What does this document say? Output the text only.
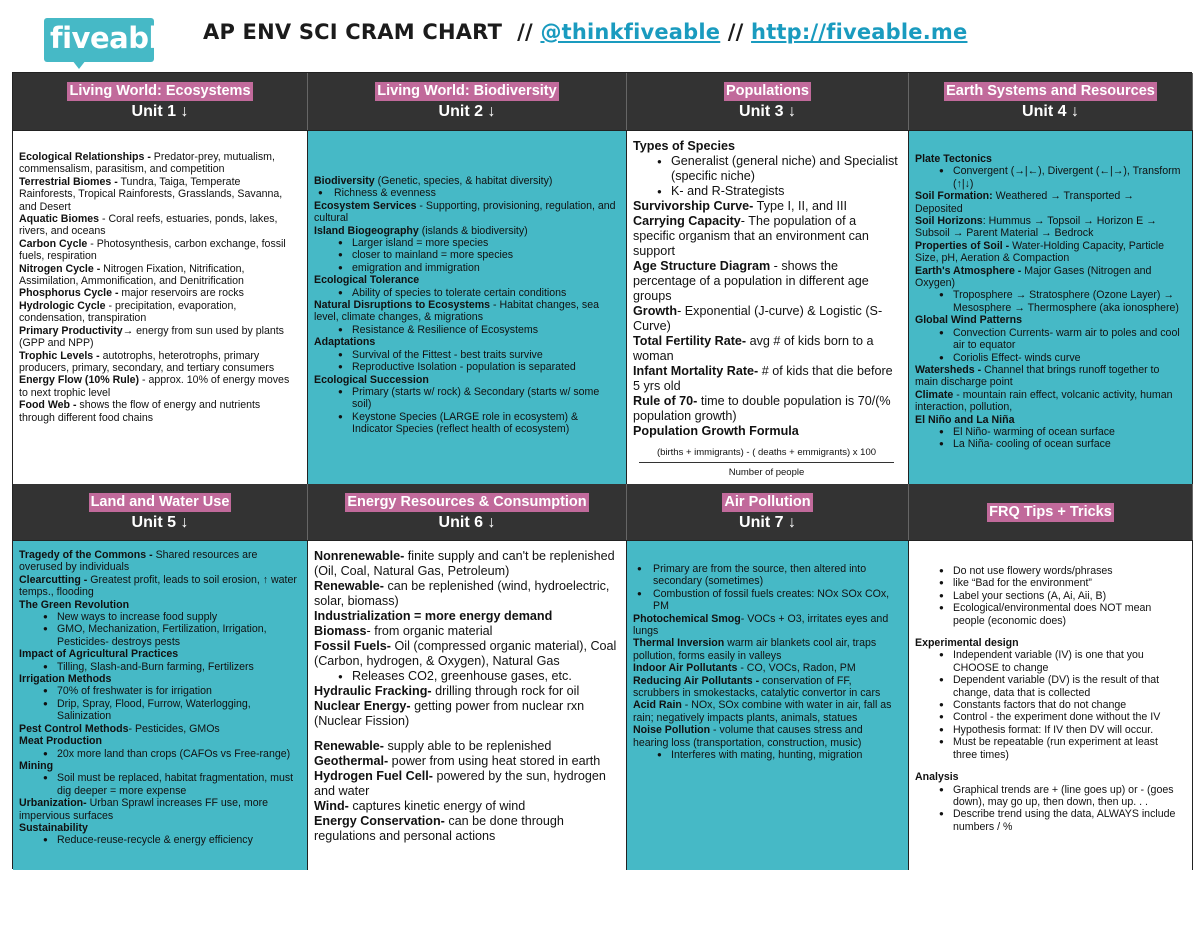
fiveable AP ENV SCI CRAM CHART // @thinkfiveable // http://fiveable.me
Living World: Ecosystems
Unit 1 ↓
Ecological Relationships - Predator-prey, mutualism, commensalism, parasitism, and competition
Terrestrial Biomes - Tundra, Taiga, Temperate Rainforests, Tropical Rainforests, Grasslands, Savanna, and Desert
Aquatic Biomes - Coral reefs, estuaries, ponds, lakes, rivers, and oceans
Carbon Cycle - Photosynthesis, carbon exchange, fossil fuels, respiration
Nitrogen Cycle - Nitrogen Fixation, Nitrification, Assimilation, Ammonification, and Denitrification
Phosphorus Cycle - major reservoirs are rocks
Hydrologic Cycle - precipitation, evaporation, condensation, transpiration
Primary Productivity→ energy from sun used by plants (GPP and NPP)
Trophic Levels - autotrophs, heterotrophs, primary producers, primary, secondary, and tertiary consumers
Energy Flow (10% Rule) - approx. 10% of energy moves to next trophic level
Food Web - shows the flow of energy and nutrients through different food chains
Living World: Biodiversity
Unit 2 ↓
Biodiversity (Genetic, species, & habitat diversity)
● Richness & evenness
Ecosystem Services - Supporting, provisioning, regulation, and cultural
Island Biogeography (islands & biodiversity)
● Larger island = more species
● closer to mainland = more species
● emigration and immigration
Ecological Tolerance
● Ability of species to tolerate certain conditions
Natural Disruptions to Ecosystems - Habitat changes, sea level, climate changes, & migrations
● Resistance & Resilience of Ecosystems
Adaptations
● Survival of the Fittest - best traits survive
● Reproductive Isolation - population is separated
Ecological Succession
● Primary (starts w/ rock) & Secondary (starts w/ some soil)
● Keystone Species (LARGE role in ecosystem) & Indicator Species (reflect health of ecosystem)
Populations
Unit 3 ↓
Types of Species
● Generalist (general niche) and Specialist (specific niche)
● K- and R-Strategists
Survivorship Curve- Type I, II, and III
Carrying Capacity- The population of a specific organism that an environment can support
Age Structure Diagram - shows the percentage of a population in different age groups
Growth- Exponential (J-curve) & Logistic (S-Curve)
Total Fertility Rate- avg # of kids born to a woman
Infant Mortality Rate- # of kids that die before 5 yrs old
Rule of 70- time to double population is 70/(% population growth)
Population Growth Formula
(births + immigrants) - ( deaths + emmigrants) x 100
Number of people
Earth Systems and Resources
Unit 4 ↓
Plate Tectonics
● Convergent (→|←), Divergent (←|→), Transform (↑|↓)
Soil Formation: Weathered → Transported → Deposited
Soil Horizons: Hummus → Topsoil → Horizon E → Subsoil → Parent Material → Bedrock
Properties of Soil - Water-Holding Capacity, Particle Size, pH, Aeration & Compaction
Earth's Atmosphere - Major Gases (Nitrogen and Oxygen)
● Troposphere → Stratosphere (Ozone Layer) → Mesosphere → Thermosphere (aka ionosphere)
Global Wind Patterns
● Convection Currents- warm air to poles and cool air to equator
● Coriolis Effect- winds curve
Watersheds - Channel that brings runoff together to main discharge point
Climate - mountain rain effect, volcanic activity, human interaction, pollution,
El Niño and La Niña
● El Niño- warming of ocean surface
● La Niña- cooling of ocean surface
Land and Water Use
Unit 5 ↓
Tragedy of the Commons - Shared resources are overused by individuals
Clearcutting - Greatest profit, leads to soil erosion, ↑ water temps., flooding
The Green Revolution
● New ways to increase food supply
● GMO, Mechanization, Fertilization, Irrigation, Pesticides- destroys pests
Impact of Agricultural Practices
● Tilling, Slash-and-Burn farming, Fertilizers
Irrigation Methods
● 70% of freshwater is for irrigation
● Drip, Spray, Flood, Furrow, Waterlogging, Salinization
Pest Control Methods- Pesticides, GMOs
Meat Production
● 20x more land than crops (CAFOs vs Free-range)
Mining
● Soil must be replaced, habitat fragmentation, must dig deeper = more expense
Urbanization- Urban Sprawl increases FF use, more impervious surfaces
Sustainability
● Reduce-reuse-recycle & energy efficiency
Energy Resources & Consumption
Unit 6 ↓
Nonrenewable- finite supply and can't be replenished (Oil, Coal, Natural Gas, Petroleum)
Renewable- can be replenished (wind, hydroelectric, solar, biomass)
Industrialization = more energy demand
Biomass- from organic material
Fossil Fuels- Oil (compressed organic material), Coal (Carbon, hydrogen, & Oxygen), Natural Gas
● Releases CO2, greenhouse gases, etc.
Hydraulic Fracking- drilling through rock for oil
Nuclear Energy- getting power from nuclear rxn (Nuclear Fission)
Renewable- supply able to be replenished
Geothermal- power from using heat stored in earth
Hydrogen Fuel Cell- powered by the sun, hydrogen and water
Wind- captures kinetic energy of wind
Energy Conservation- can be done through regulations and personal actions
Air Pollution
Unit 7 ↓
● Primary are from the source, then altered into secondary (sometimes)
● Combustion of fossil fuels creates: NOx SOx COx, PM
Photochemical Smog- VOCs + O3, irritates eyes and lungs
Thermal Inversion warm air blankets cool air, traps pollution, forms easily in valleys
Indoor Air Pollutants - CO, VOCs, Radon, PM
Reducing Air Pollutants - conservation of FF, scrubbers in smokestacks, catalytic convertor in cars
Acid Rain - NOx, SOx combine with water in air, fall as rain; negatively impacts plants, animals, statues
Noise Pollution - volume that causes stress and hearing loss (transportation, construction, music)
● Interferes with mating, hunting, migration
FRQ Tips + Tricks
● Do not use flowery words/phrases
● like “Bad for the environment”
● Label your sections (A, Ai, Aii, B)
● Ecological/environmental does NOT mean people (economic does)
Experimental design
● Independent variable (IV) is one that you CHOOSE to change
● Dependent variable (DV) is the result of that change, data that is collected
● Constants factors that do not change
● Control - the experiment done without the IV
● Hypothesis format: If IV then DV will occur.
● Must be repeatable (run experiment at least three times)
Analysis
● Graphical trends are + (line goes up) or - (goes down), may go up, then down, then up. . .
● Describe trend using the data, ALWAYS include numbers / %
